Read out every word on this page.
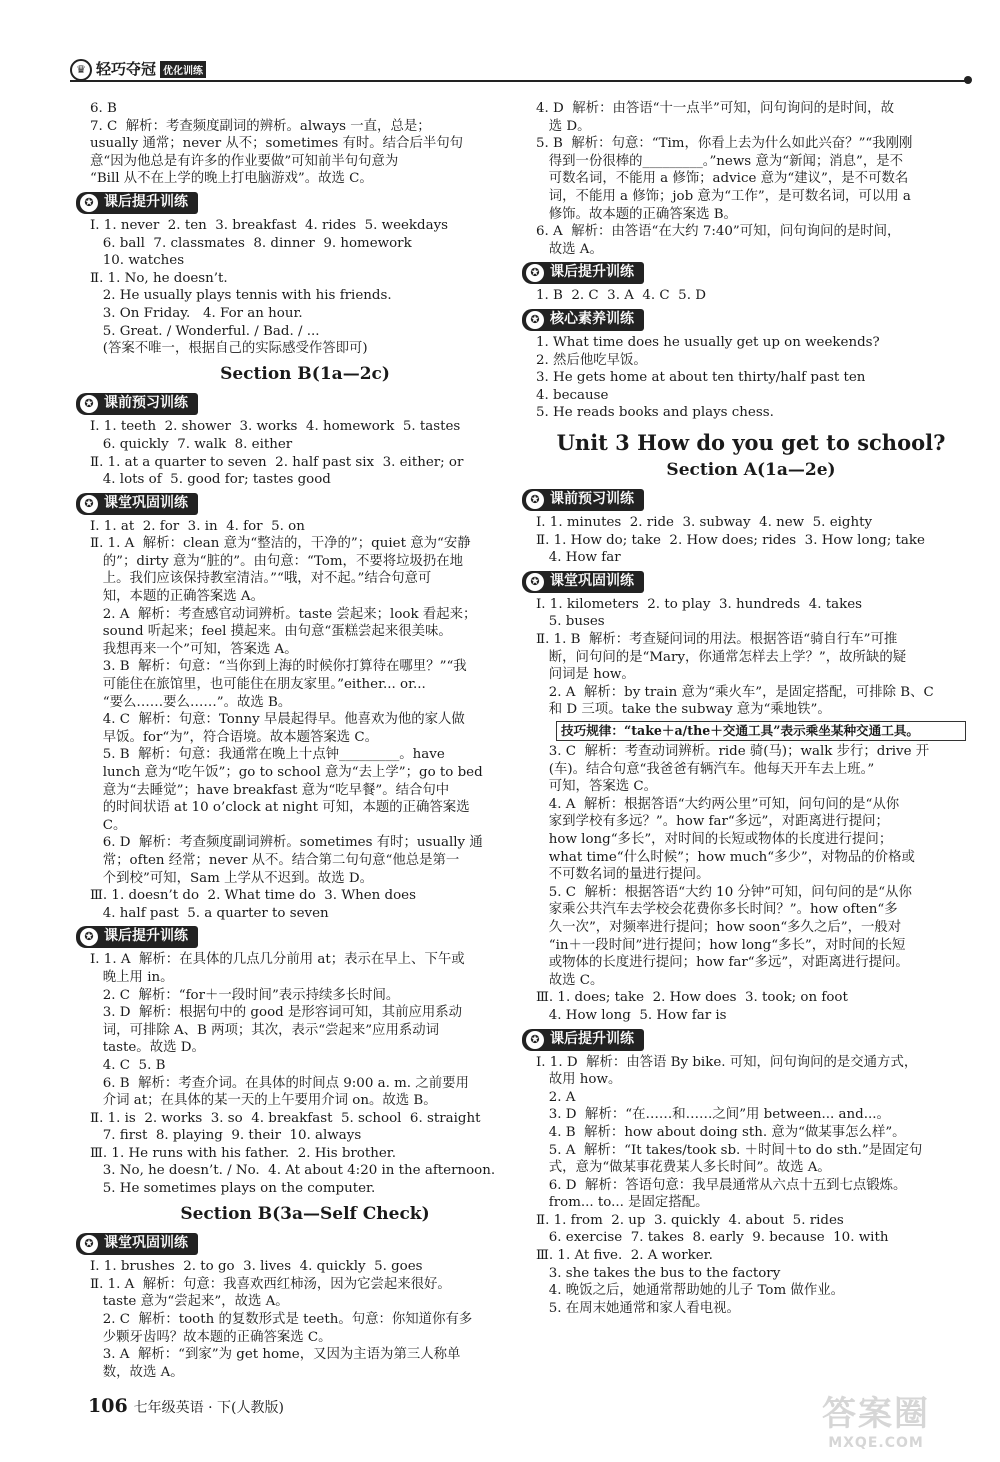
♛ 轻巧夺冠 优化训练
6. B
7. C  解析：考查频度副词的辨析。always 一直，总是；
usually 通常；never 从不；sometimes 有时。结合后半句句
意“因为他总是有许多的作业要做”可知前半句句意为
“Bill 从不在上学的晚上打电脑游戏”。故选 C。
✪ 课后提升训练
Ⅰ. 1. never  2. ten  3. breakfast  4. rides  5. weekdays
6. ball  7. classmates  8. dinner  9. homework
10. watches
Ⅱ. 1. No, he doesn’t.
2. He usually plays tennis with his friends.
3. On Friday.   4. For an hour.
5. Great. / Wonderful. / Bad. / ...
(答案不唯一，根据自己的实际感受作答即可)
Section B(1a—2c)
✪ 课前预习训练
Ⅰ. 1. teeth  2. shower  3. works  4. homework  5. tastes
6. quickly  7. walk  8. either
Ⅱ. 1. at a quarter to seven  2. half past six  3. either; or
4. lots of  5. good for; tastes good
✪ 课堂巩固训练
Ⅰ. 1. at  2. for  3. in  4. for  5. on
Ⅱ. 1. A  解析：clean 意为“整洁的，干净的”；quiet 意为“安静
的”；dirty 意为“脏的”。由句意：“Tom，不要将垃圾扔在地
上。我们应该保持教室清洁。”“哦，对不起。”结合句意可
知，本题的正确答案选 A。
2. A  解析：考查感官动词辨析。taste 尝起来；look 看起来；
sound 听起来；feel 摸起来。由句意“蛋糕尝起来很美味。
我想再来一个”可知，答案选 A。
3. B  解析：句意：“当你到上海的时候你打算待在哪里？”“我
可能住在旅馆里，也可能住在朋友家里。”either... or...
“要么……要么……”。故选 B。
4. C  解析：句意：Tonny 早晨起得早。他喜欢为他的家人做
早饭。for“为”，符合语境。故本题答案选 C。
5. B  解析：句意：我通常在晚上十点钟_________。have
lunch 意为“吃午饭”；go to school 意为“去上学”；go to bed
意为“去睡觉”；have breakfast 意为“吃早餐”。结合句中
的时间状语 at 10 o’clock at night 可知，本题的正确答案选
C。
6. D  解析：考查频度副词辨析。sometimes 有时；usually 通
常；often 经常；never 从不。结合第二句句意“他总是第一
个到校”可知，Sam 上学从不迟到。故选 D。
Ⅲ. 1. doesn’t do  2. What time do  3. When does
4. half past  5. a quarter to seven
✪ 课后提升训练
Ⅰ. 1. A  解析：在具体的几点几分前用 at；表示在早上、下午或
晚上用 in。
2. C  解析：“for＋一段时间”表示持续多长时间。
3. D  解析：根据句中的 good 是形容词可知，其前应用系动
词，可排除 A、B 两项；其次，表示“尝起来”应用系动词
taste。故选 D。
4. C  5. B
6. B  解析：考查介词。在具体的时间点 9:00 a. m. 之前要用
介词 at；在具体的某一天的上午要用介词 on。故选 B。
Ⅱ. 1. is  2. works  3. so  4. breakfast  5. school  6. straight
7. first  8. playing  9. their  10. always
Ⅲ. 1. He runs with his father.  2. His brother.
3. No, he doesn’t. / No.  4. At about 4:20 in the afternoon.
5. He sometimes plays on the computer.
Section B(3a—Self Check)
✪ 课堂巩固训练
Ⅰ. 1. brushes  2. to go  3. lives  4. quickly  5. goes
Ⅱ. 1. A  解析：句意：我喜欢西红柿汤，因为它尝起来很好。
taste 意为“尝起来”，故选 A。
2. C  解析：tooth 的复数形式是 teeth。句意：你知道你有多
少颗牙齿吗？故本题的正确答案选 C。
3. A  解析：“到家”为 get home，又因为主语为第三人称单
数，故选 A。
4. D  解析：由答语“十一点半”可知，问句询问的是时间，故
选 D。
5. B  解析：句意：“Tim，你看上去为什么如此兴奋？”“我刚刚
得到一份很棒的_________。”news 意为“新闻；消息”，是不
可数名词，不能用 a 修饰；advice 意为“建议”，是不可数名
词，不能用 a 修饰；job 意为“工作”，是可数名词，可以用 a
修饰。故本题的正确答案选 B。
6. A  解析：由答语“在大约 7:40”可知，问句询问的是时间，
故选 A。
✪ 课后提升训练
1. B  2. C  3. A  4. C  5. D
✪ 核心素养训练
1. What time does he usually get up on weekends?
2. 然后他吃早饭。
3. He gets home at about ten thirty/half past ten
4. because
5. He reads books and plays chess.
Unit 3 How do you get to school?
Section A(1a—2e)
✪ 课前预习训练
Ⅰ. 1. minutes  2. ride  3. subway  4. new  5. eighty
Ⅱ. 1. How do; take  2. How does; rides  3. How long; take
4. How far
✪ 课堂巩固训练
Ⅰ. 1. kilometers  2. to play  3. hundreds  4. takes
5. buses
Ⅱ. 1. B  解析：考查疑问词的用法。根据答语“骑自行车”可推
断，问句问的是“Mary，你通常怎样去上学？”，故所缺的疑
问词是 how。
2. A  解析：by train 意为“乘火车”，是固定搭配，可排除 B、C
和 D 三项。take the subway 意为“乘地铁”。
技巧规律：“take＋a/the＋交通工具”表示乘坐某种交通工具。
3. C  解析：考查动词辨析。ride 骑(马)；walk 步行；drive 开
(车)。结合句意“我爸爸有辆汽车。他每天开车去上班。”
可知，答案选 C。
4. A  解析：根据答语“大约两公里”可知，问句问的是“从你
家到学校有多远？”。how far“多远”，对距离进行提问；
how long“多长”，对时间的长短或物体的长度进行提问；
what time“什么时候”；how much“多少”，对物品的价格或
不可数名词的量进行提问。
5. C  解析：根据答语“大约 10 分钟”可知，问句问的是“从你
家乘公共汽车去学校会花费你多长时间？”。how often“多
久一次”，对频率进行提问；how soon“多久之后”，一般对
“in＋一段时间”进行提问；how long“多长”，对时间的长短
或物体的长度进行提问；how far“多远”，对距离进行提问。
故选 C。
Ⅲ. 1. does; take  2. How does  3. took; on foot
4. How long  5. How far is
✪ 课后提升训练
Ⅰ. 1. D  解析：由答语 By bike. 可知，问句询问的是交通方式，
故用 how。
2. A
3. D  解析：“在……和……之间”用 between... and...。
4. B  解析：how about doing sth. 意为“做某事怎么样”。
5. A  解析：“It takes/took sb. ＋时间＋to do sth.”是固定句
式，意为“做某事花费某人多长时间”。故选 A。
6. D  解析：答语句意：我早晨通常从六点十五到七点锻炼。
from... to... 是固定搭配。
Ⅱ. 1. from  2. up  3. quickly  4. about  5. rides
6. exercise  7. takes  8. early  9. because  10. with
Ⅲ. 1. At five.  2. A worker.
3. she takes the bus to the factory
4. 晚饭之后，她通常帮助她的儿子 Tom 做作业。
5. 在周末她通常和家人看电视。
106 七年级英语 · 下(人教版)	答案圈
MXQE.COM
